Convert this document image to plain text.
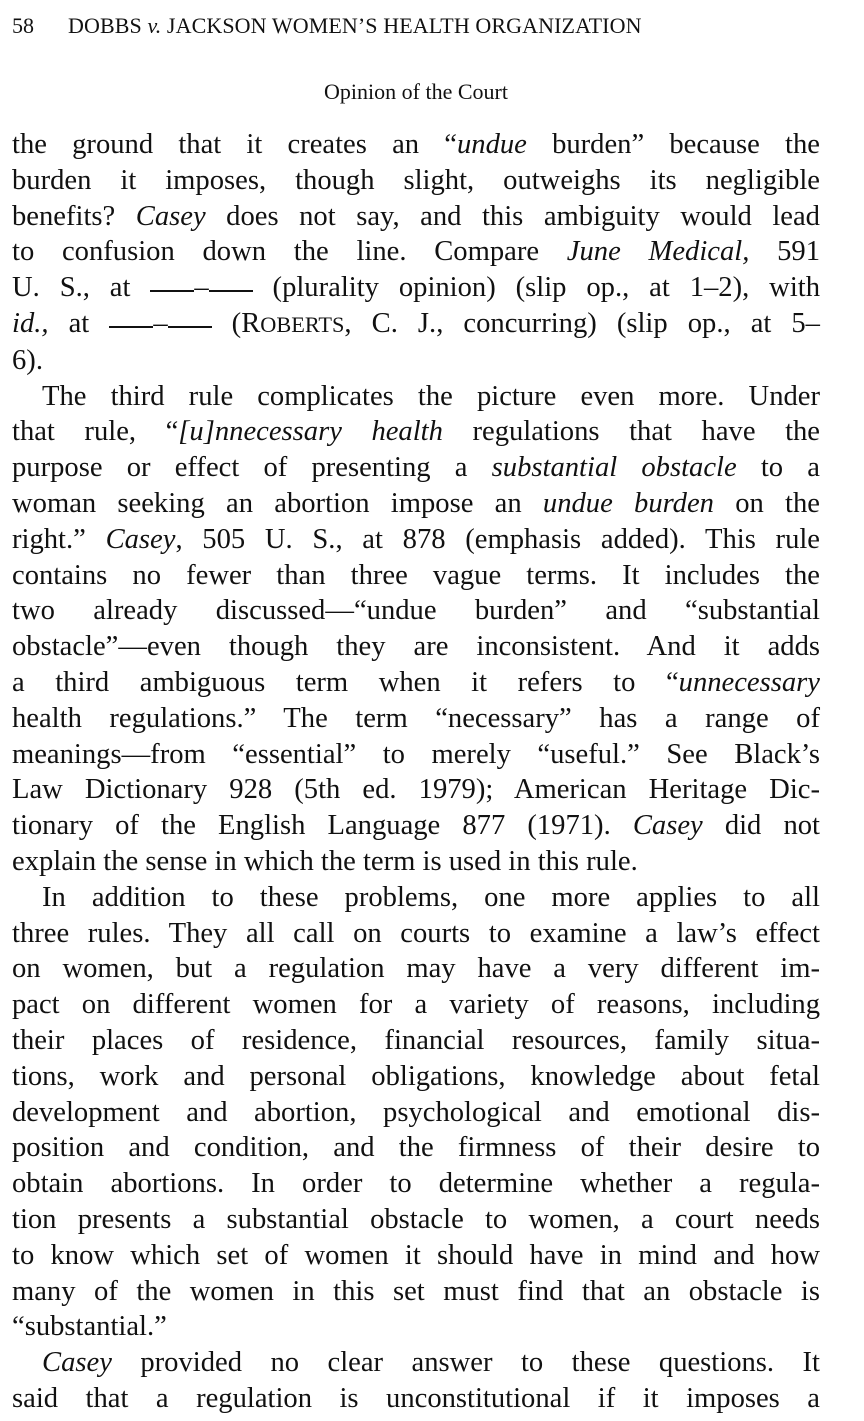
58 DOBBS v. JACKSON WOMEN’S HEALTH ORGANIZATION
Opinion of the Court

the ground that it creates an “undue burden” because the
burden it imposes, though slight, outweighs its negligible
benefits? Casey does not say, and this ambiguity would lead
to confusion down the line. Compare June Medical, 591
U. S., at – (plurality opinion) (slip op., at 1–2), with
id., at – (ROBERTS, C. J., concurring) (slip op., at 5–
6).

The third rule complicates the picture even more. Under
that rule, “[u]nnecessary health regulations that have the
purpose or effect of presenting a substantial obstacle to a
woman seeking an abortion impose an undue burden on the
right.” Casey, 505 U. S., at 878 (emphasis added). This rule
contains no fewer than three vague terms. It includes the
two already discussed—“undue burden” and “substantial
obstacle”—even though they are inconsistent. And it adds
a third ambiguous term when it refers to “unnecessary
health regulations.” The term “necessary” has a range of
meanings—from “essential” to merely “useful.” See Black’s
Law Dictionary 928 (5th ed. 1979); American Heritage Dic-
tionary of the English Language 877 (1971). Casey did not
explain the sense in which the term is used in this rule.

In addition to these problems, one more applies to all
three rules. They all call on courts to examine a law’s effect
on women, but a regulation may have a very different im-
pact on different women for a variety of reasons, including
their places of residence, financial resources, family situa-
tions, work and personal obligations, knowledge about fetal
development and abortion, psychological and emotional dis-
position and condition, and the firmness of their desire to
obtain abortions. In order to determine whether a regula-
tion presents a substantial obstacle to women, a court needs
to know which set of women it should have in mind and how
many of the women in this set must find that an obstacle is
“substantial.”

Casey provided no clear answer to these questions. It
said that a regulation is unconstitutional if it imposes a
